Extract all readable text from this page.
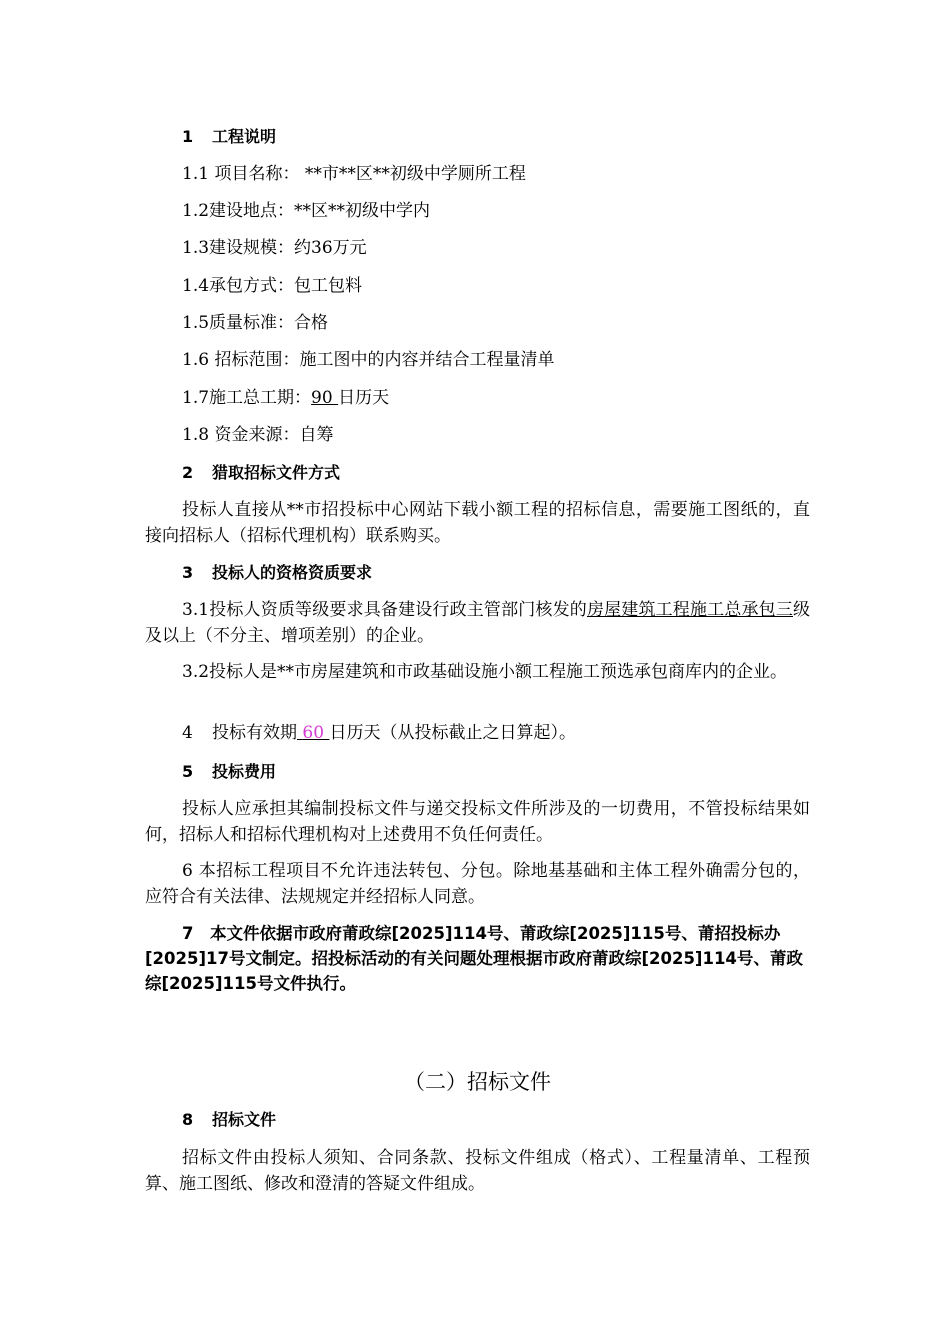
1 工程说明
1.1 项目名称： **市**区**初级中学厕所工程
1.2建设地点：**区**初级中学内
1.3建设规模：约36万元
1.4承包方式：包工包料
1.5质量标准：合格
1.6 招标范围：施工图中的内容并结合工程量清单
1.7施工总工期：90 日历天
1.8 资金来源：自筹
2 猎取招标文件方式
投标人直接从**市招投标中心网站下载小额工程的招标信息，需要施工图纸的，直接向招标人（招标代理机构）联系购买。
3 投标人的资格资质要求
3.1投标人资质等级要求具备建设行政主管部门核发的房屋建筑工程施工总承包三级及以上（不分主、增项差别）的企业。
3.2投标人是**市房屋建筑和市政基础设施小额工程施工预选承包商库内的企业。
4 投标有效期 60 日历天（从投标截止之日算起）。
5 投标费用
投标人应承担其编制投标文件与递交投标文件所涉及的一切费用，不管投标结果如何，招标人和招标代理机构对上述费用不负任何责任。
6 本招标工程项目不允许违法转包、分包。除地基基础和主体工程外确需分包的，应符合有关法律、法规规定并经招标人同意。
7　本文件依据市政府莆政综[2025]114号、莆政综[2025]115号、莆招投标办[2025]17号文制定。招投标活动的有关问题处理根据市政府莆政综[2025]114号、莆政综[2025]115号文件执行。
（二）招标文件
8 招标文件
招标文件由投标人须知、合同条款、投标文件组成（格式）、工程量清单、工程预算、施工图纸、修改和澄清的答疑文件组成。
